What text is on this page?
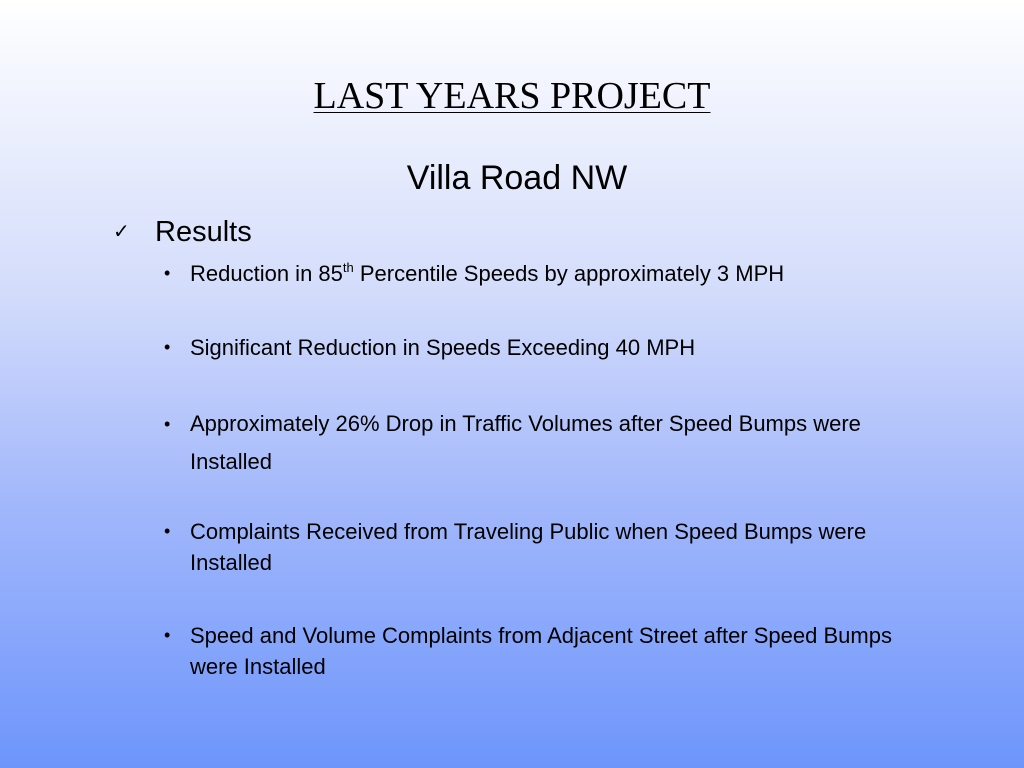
LAST YEARS PROJECT
Villa Road NW
✓ Results
• Reduction in 85th Percentile Speeds by approximately 3 MPH
• Significant Reduction in Speeds Exceeding 40 MPH
• Approximately 26% Drop in Traffic Volumes after Speed Bumps were Installed
• Complaints Received from Traveling Public when Speed Bumps were Installed
• Speed and Volume Complaints from Adjacent Street after Speed Bumps were Installed
